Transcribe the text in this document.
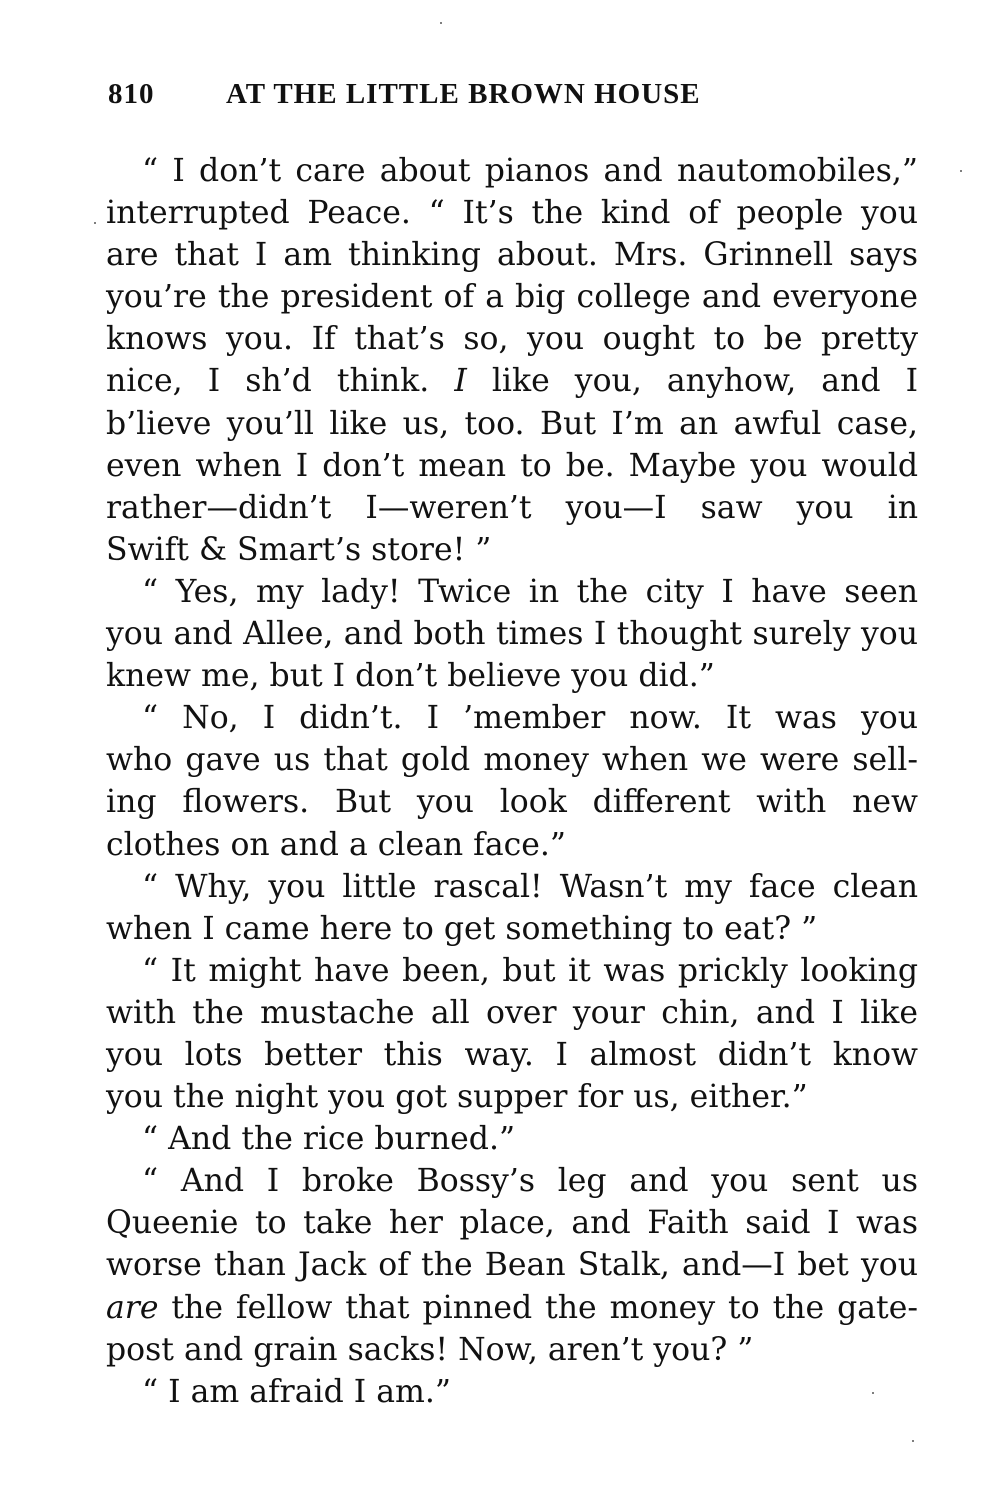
810 AT THE LITTLE BROWN HOUSE
“ I don’t care about pianos and nautomobiles,”
interrupted Peace. “ It’s the kind of people you
are that I am thinking about. Mrs. Grinnell says
you’re the president of a big college and everyone
knows you. If that’s so, you ought to be pretty
nice, I sh’d think. I like you, anyhow, and I
b’lieve you’ll like us, too. But I’m an awful case,
even when I don’t mean to be. Maybe you would
rather—didn’t I—weren’t you—I saw you in
Swift & Smart’s store! ”
“ Yes, my lady! Twice in the city I have seen
you and Allee, and both times I thought surely you
knew me, but I don’t believe you did.”
“ No, I didn’t. I ’member now. It was you
who gave us that gold money when we were sell-
ing flowers. But you look different with new
clothes on and a clean face.”
“ Why, you little rascal! Wasn’t my face clean
when I came here to get something to eat? ”
“ It might have been, but it was prickly looking
with the mustache all over your chin, and I like
you lots better this way. I almost didn’t know
you the night you got supper for us, either.”
“ And the rice burned.”
“ And I broke Bossy’s leg and you sent us
Queenie to take her place, and Faith said I was
worse than Jack of the Bean Stalk, and—I bet you
are the fellow that pinned the money to the gate-
post and grain sacks! Now, aren’t you? ”
“ I am afraid I am.”
